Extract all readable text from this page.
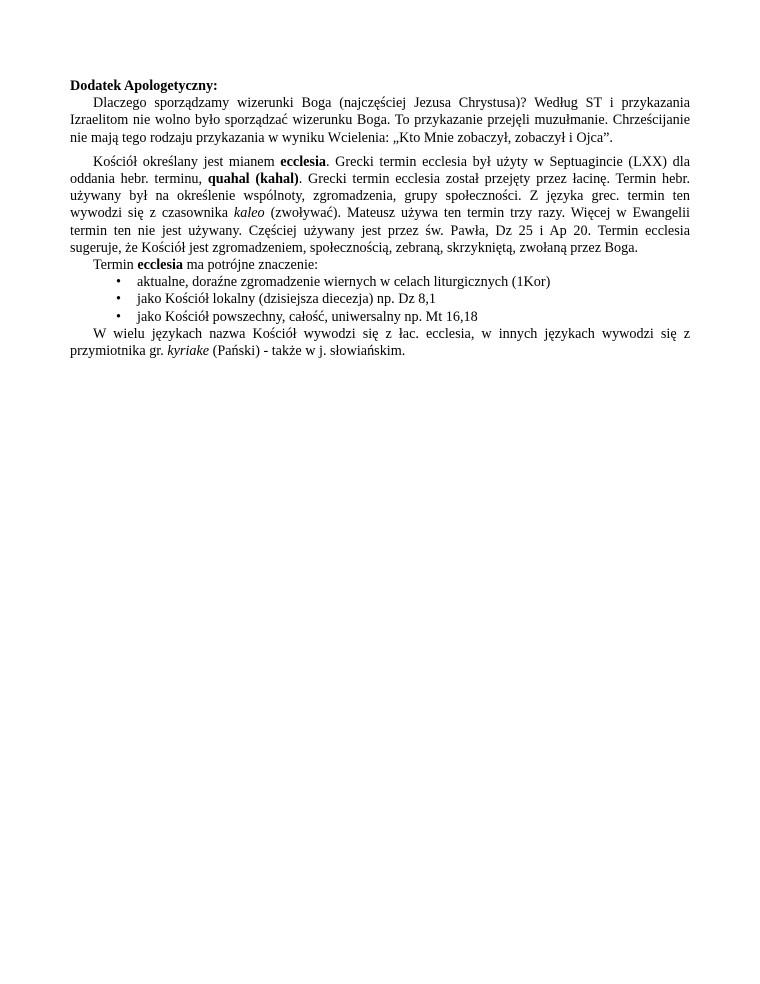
Dodatek Apologetyczny:

Dlaczego sporządzamy wizerunki Boga (najczęściej Jezusa Chrystusa)? Według ST i przykazania Izraelitom nie wolno było sporządzać wizerunku Boga. To przykazanie przejęli muzułmanie. Chrześcijanie nie mają tego rodzaju przykazania w wyniku Wcielenia: „Kto Mnie zobaczył, zobaczył i Ojca”.

Kościół określany jest mianem ecclesia. Grecki termin ecclesia był użyty w Septuagincie (LXX) dla oddania hebr. terminu, quahal (kahal). Grecki termin ecclesia został przejęty przez łacinę. Termin hebr. używany był na określenie wspólnoty, zgromadzenia, grupy społeczności. Z języka grec. termin ten wywodzi się z czasownika kaleo (zwoływać). Mateusz używa ten termin trzy razy. Więcej w Ewangelii termin ten nie jest używany. Częściej używany jest przez św. Pawła, Dz 25 i Ap 20. Termin ecclesia sugeruje, że Kościół jest zgromadzeniem, społecznością, zebraną, skrzykniętą, zwołaną przez Boga.

Termin ecclesia ma potrójne znaczenie:

• aktualne, doraźne zgromadzenie wiernych w celach liturgicznych (1Kor)
• jako Kościół lokalny (dzisiejsza diecezja) np. Dz 8,1
• jako Kościół powszechny, całość, uniwersalny np. Mt 16,18

W wielu językach nazwa Kościół wywodzi się z łac. ecclesia, w innych językach wywodzi się z przymiotnika gr. kyriake (Pański) - także w j. słowiańskim.
